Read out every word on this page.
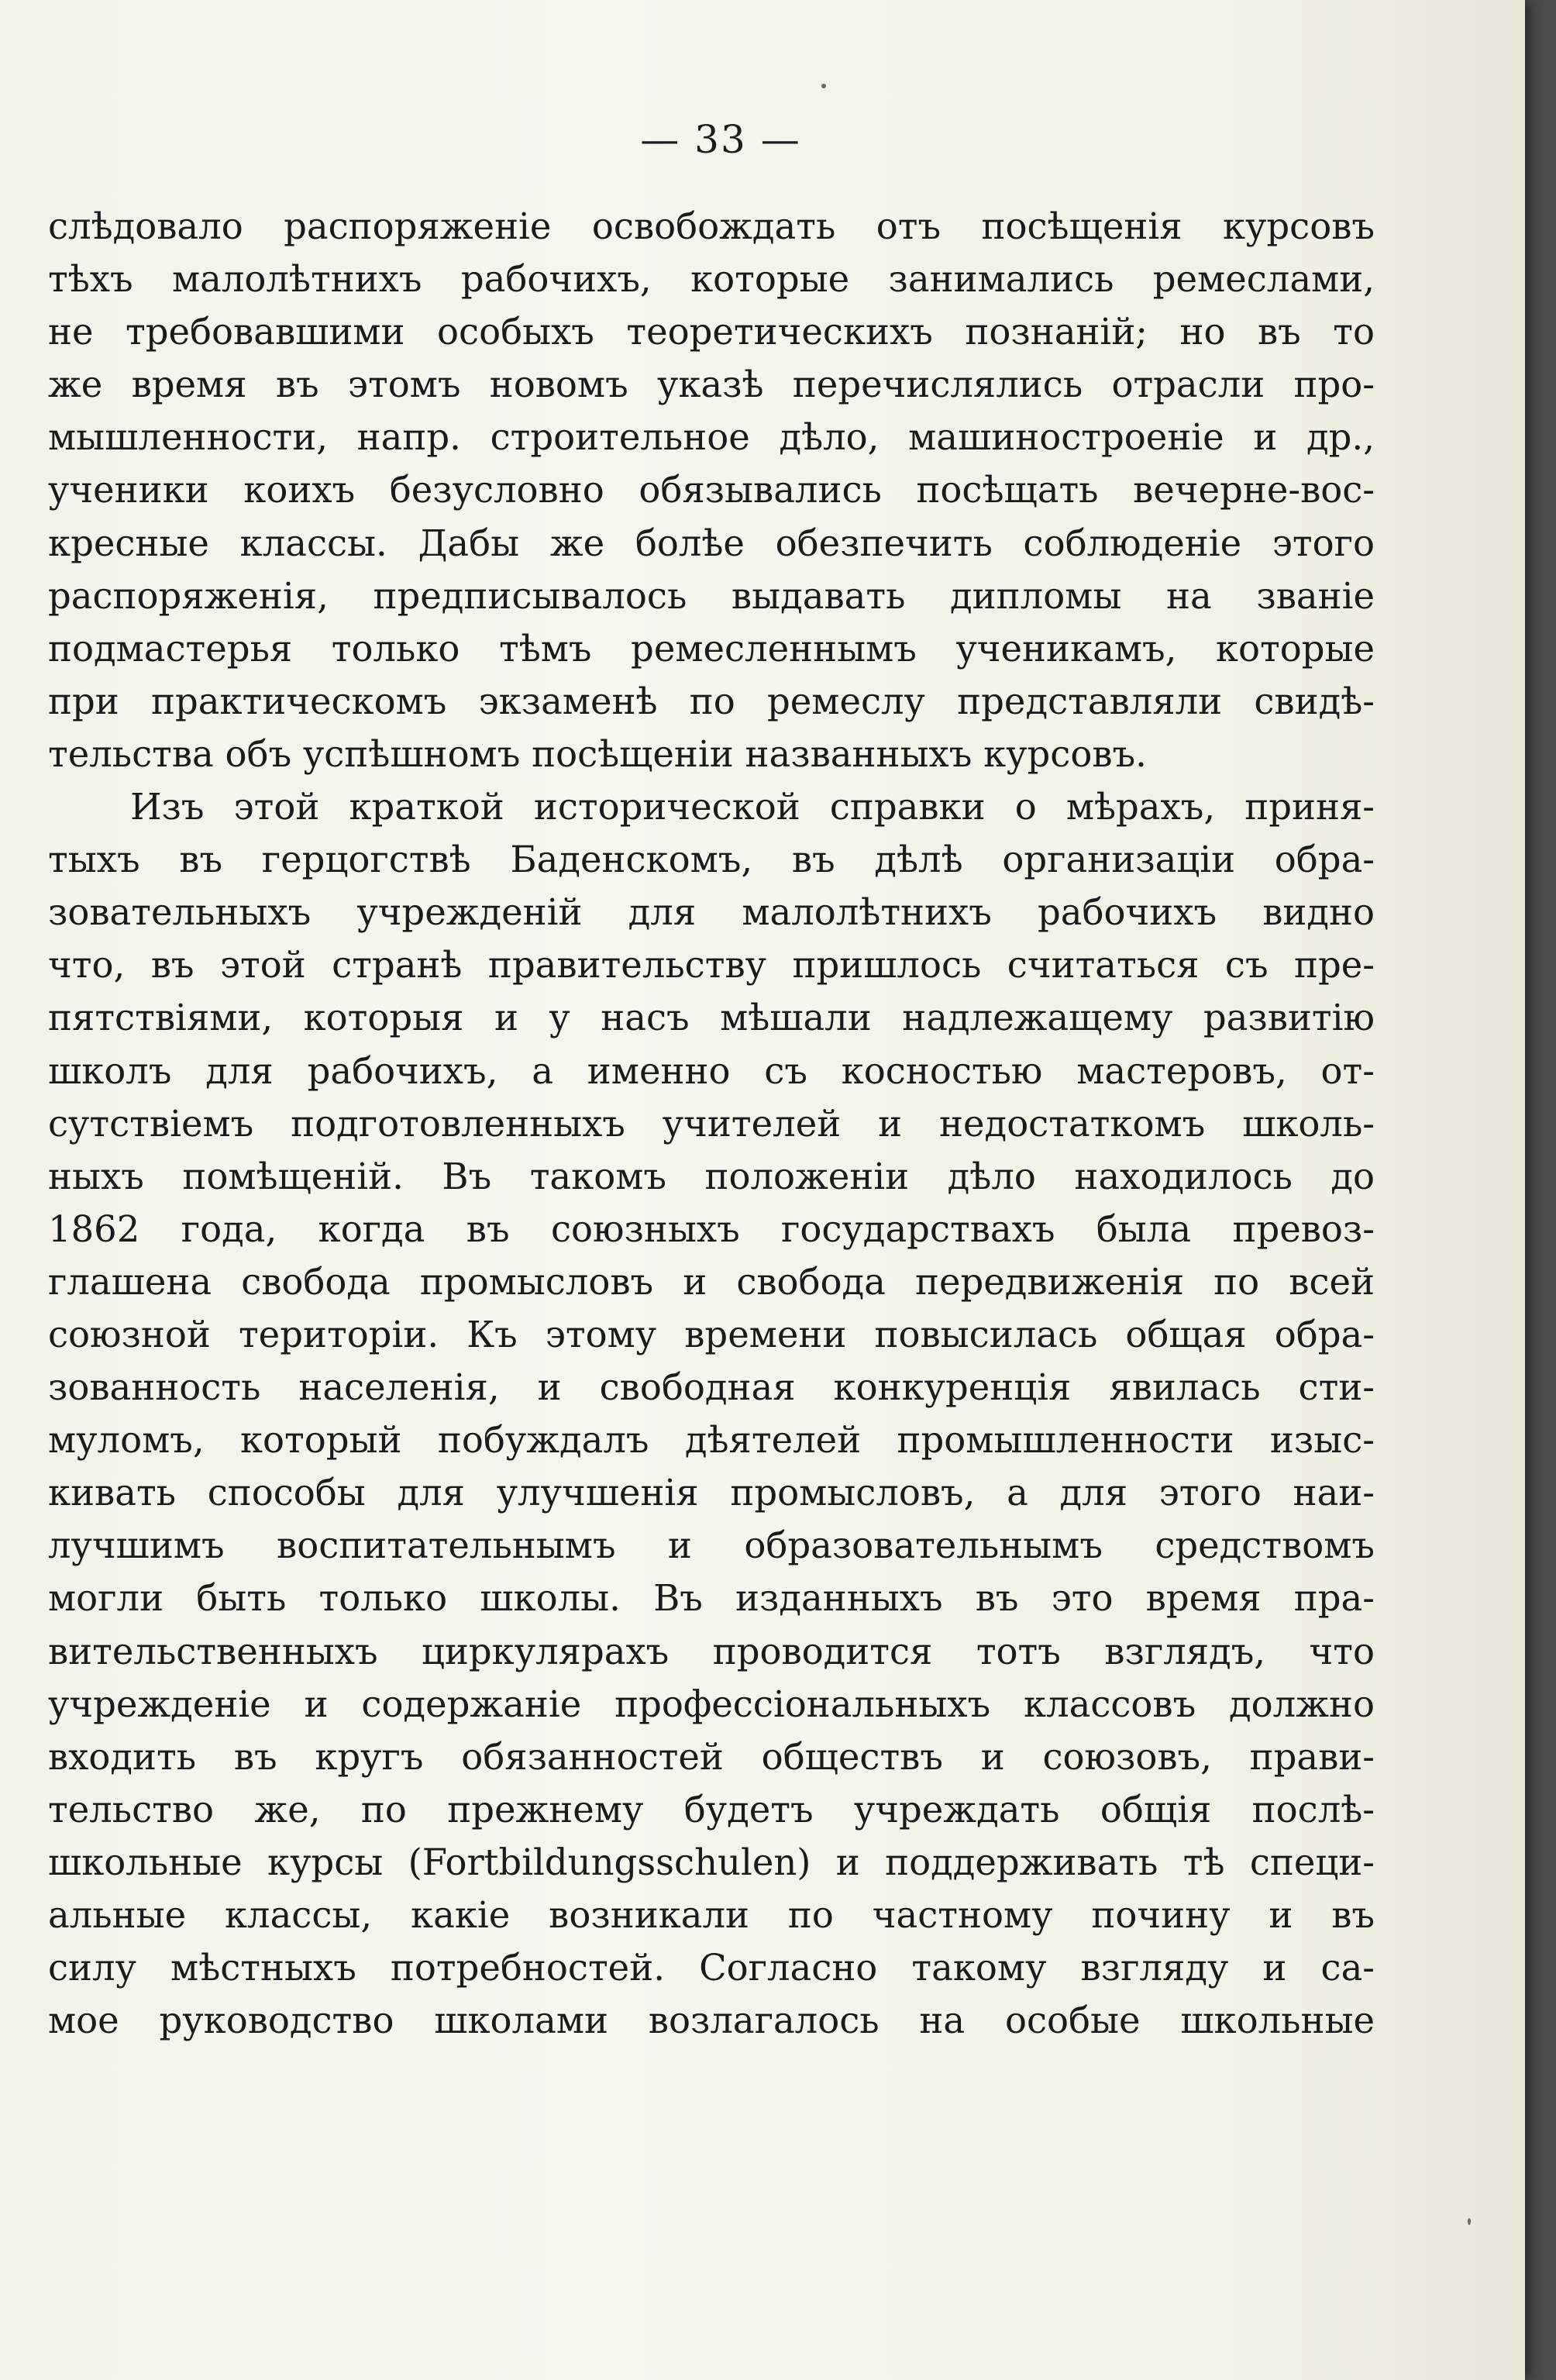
— 33 —
слѣдовало распоряженіе освобождать отъ посѣщенія курсовъ
тѣхъ малолѣтнихъ рабочихъ, которые занимались ремеслами,
не требовавшими особыхъ теоретическихъ познаній; но въ то
же время въ этомъ новомъ указѣ перечислялись отрасли про-
мышленности, напр. строительное дѣло, машиностроеніе и др.,
ученики коихъ безусловно обязывались посѣщать вечерне-вос-
кресные классы. Дабы же болѣе обезпечить соблюденіе этого
распоряженія, предписывалось выдавать дипломы на званіе
подмастерья только тѣмъ ремесленнымъ ученикамъ, которые
при практическомъ экзаменѣ по ремеслу представляли свидѣ-
тельства объ успѣшномъ посѣщеніи названныхъ курсовъ.
Изъ этой краткой исторической справки о мѣрахъ, приня-
тыхъ въ герцогствѣ Баденскомъ, въ дѣлѣ организаціи обра-
зовательныхъ учрежденій для малолѣтнихъ рабочихъ видно
что, въ этой странѣ правительству пришлось считаться съ пре-
пятствіями, которыя и у насъ мѣшали надлежащему развитію
школъ для рабочихъ, а именно съ косностью мастеровъ, от-
сутствіемъ подготовленныхъ учителей и недостаткомъ школь-
ныхъ помѣщеній. Въ такомъ положеніи дѣло находилось до
1862 года, когда въ союзныхъ государствахъ была превоз-
глашена свобода промысловъ и свобода передвиженія по всей
союзной територіи. Къ этому времени повысилась общая обра-
зованность населенія, и свободная конкуренція явилась сти-
муломъ, который побуждалъ дѣятелей промышленности изыс-
кивать способы для улучшенія промысловъ, а для этого наи-
лучшимъ воспитательнымъ и образовательнымъ средствомъ
могли быть только школы. Въ изданныхъ въ это время пра-
вительственныхъ циркулярахъ проводится тотъ взглядъ, что
учрежденіе и содержаніе профессіональныхъ классовъ должно
входить въ кругъ обязанностей обществъ и союзовъ, прави-
тельство же, по прежнему будетъ учреждать общія послѣ-
школьные курсы (Fortbildungsschulen) и поддерживать тѣ специ-
альные классы, какіе возникали по частному почину и въ
силу мѣстныхъ потребностей. Согласно такому взгляду и са-
мое руководство школами возлагалось на особые школьные
